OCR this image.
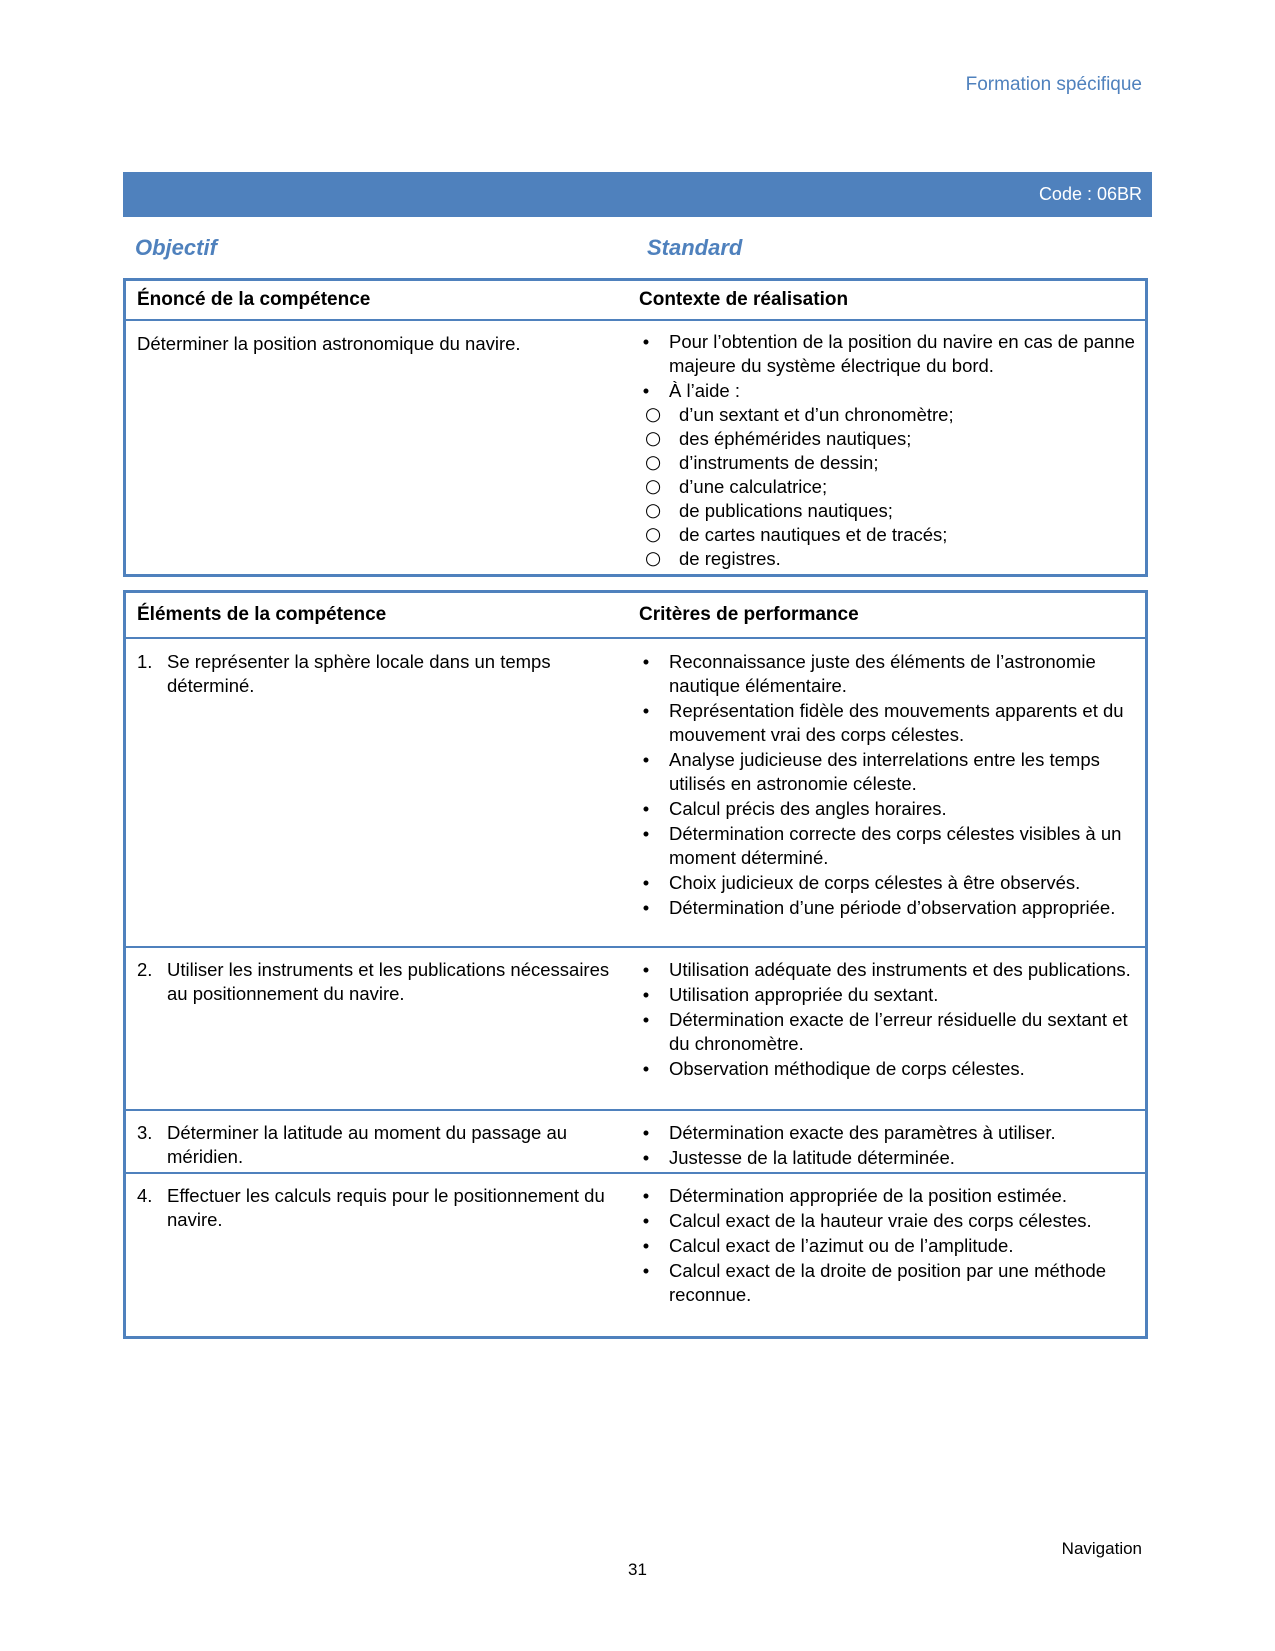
Formation spécifique
Code : 06BR
Objectif	Standard
Énoncé de la compétence	Contexte de réalisation
Déterminer la position astronomique du navire.	• Pour l’obtention de la position du navire en cas de panne majeure du système électrique du bord.
• À l’aide :
○ d’un sextant et d’un chronomètre;
○ des éphémérides nautiques;
○ d’instruments de dessin;
○ d’une calculatrice;
○ de publications nautiques;
○ de cartes nautiques et de tracés;
○ de registres.
Éléments de la compétence	Critères de performance
1. Se représenter la sphère locale dans un temps déterminé.
• Reconnaissance juste des éléments de l’astronomie nautique élémentaire.
• Représentation fidèle des mouvements apparents et du mouvement vrai des corps célestes.
• Analyse judicieuse des interrelations entre les temps utilisés en astronomie céleste.
• Calcul précis des angles horaires.
• Détermination correcte des corps célestes visibles à un moment déterminé.
• Choix judicieux de corps célestes à être observés.
• Détermination d’une période d’observation appropriée.
2. Utiliser les instruments et les publications nécessaires au positionnement du navire.
• Utilisation adéquate des instruments et des publications.
• Utilisation appropriée du sextant.
• Détermination exacte de l’erreur résiduelle du sextant et du chronomètre.
• Observation méthodique de corps célestes.
3. Déterminer la latitude au moment du passage au méridien.
• Détermination exacte des paramètres à utiliser.
• Justesse de la latitude déterminée.
4. Effectuer les calculs requis pour le positionnement du navire.
• Détermination appropriée de la position estimée.
• Calcul exact de la hauteur vraie des corps célestes.
• Calcul exact de l’azimut ou de l’amplitude.
• Calcul exact de la droite de position par une méthode reconnue.
Navigation
31
